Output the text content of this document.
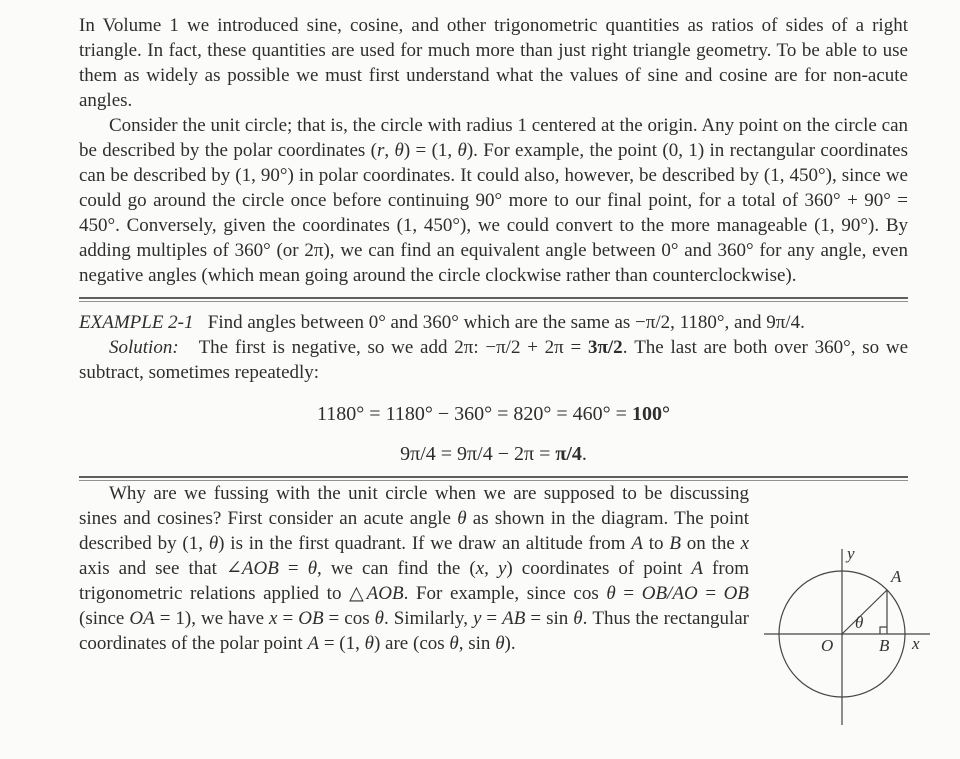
In Volume 1 we introduced sine, cosine, and other trigonometric quantities as ratios of sides of a right triangle. In fact, these quantities are used for much more than just right triangle geometry. To be able to use them as widely as possible we must first understand what the values of sine and cosine are for non-acute angles.

Consider the unit circle; that is, the circle with radius 1 centered at the origin. Any point on the circle can be described by the polar coordinates (r, θ) = (1, θ). For example, the point (0, 1) in rectangular coordinates can be described by (1, 90°) in polar coordinates. It could also, however, be described by (1, 450°), since we could go around the circle once before continuing 90° more to our final point, for a total of 360° + 90° = 450°. Conversely, given the coordinates (1, 450°), we could convert to the more manageable (1, 90°). By adding multiples of 360° (or 2π), we can find an equivalent angle between 0° and 360° for any angle, even negative angles (which mean going around the circle clockwise rather than counterclockwise).

EXAMPLE 2-1   Find angles between 0° and 360° which are the same as −π/2, 1180°, and 9π/4.

Solution:   The first is negative, so we add 2π: −π/2 + 2π = 3π/2. The last are both over 360°, so we subtract, sometimes repeatedly:

1180° = 1180° − 360° = 820° = 460° = 100°

9π/4 = 9π/4 − 2π = π/4.

Why are we fussing with the unit circle when we are supposed to be discussing sines and cosines? First consider an acute angle θ as shown in the diagram. The point described by (1, θ) is in the first quadrant. If we draw an altitude from A to B on the x axis and see that ∠AOB = θ, we can find the (x, y) coordinates of point A from trigonometric relations applied to △AOB. For example, since cos θ = OB/AO = OB (since OA = 1), we have x = OB = cos θ. Similarly, y = AB = sin θ. Thus the rectangular coordinates of the polar point A = (1, θ) are (cos θ, sin θ).

y
A
θ
O	B x
